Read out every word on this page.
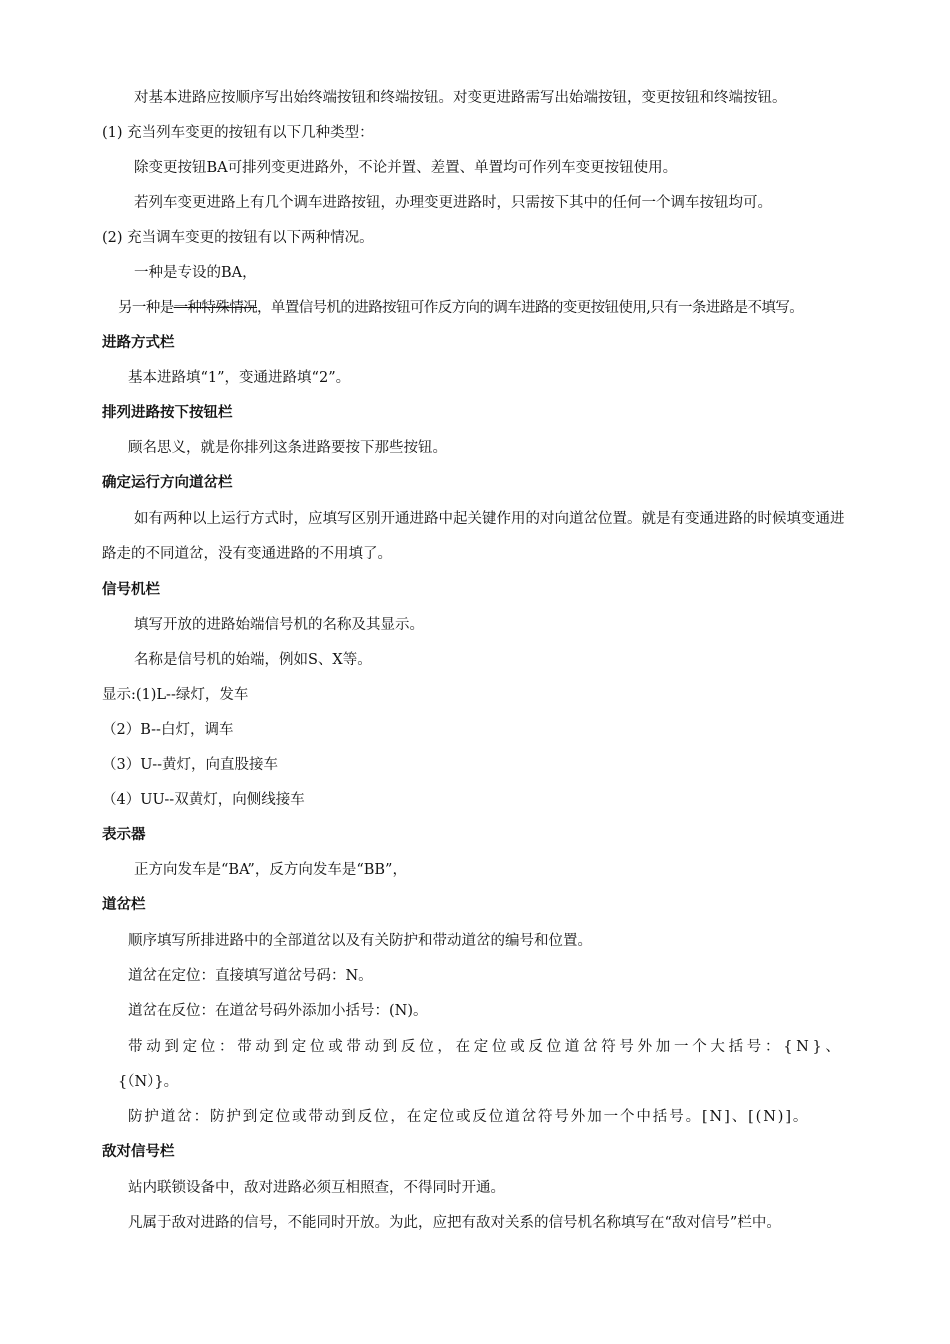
对基本进路应按顺序写出始终端按钮和终端按钮。对变更进路需写出始端按钮，变更按钮和终端按钮。
(1) 充当列车变更的按钮有以下几种类型：
除变更按钮BA可排列变更进路外，不论并置、差置、单置均可作列车变更按钮使用。
若列车变更进路上有几个调车进路按钮，办理变更进路时，只需按下其中的任何一个调车按钮均可。
(2) 充当调车变更的按钮有以下两种情况。
一种是专设的BA，
另一种是一种特殊情况，单置信号机的进路按钮可作反方向的调车进路的变更按钮使用,只有一条进路是不填写。
进路方式栏
基本进路填“1”，变通进路填“2”。
排列进路按下按钮栏
顾名思义，就是你排列这条进路要按下那些按钮。
确定运行方向道岔栏
如有两种以上运行方式时，应填写区别开通进路中起关键作用的对向道岔位置。就是有变通进路的时候填变通进
路走的不同道岔，没有变通进路的不用填了。
信号机栏
填写开放的进路始端信号机的名称及其显示。
名称是信号机的始端，例如S、X等。
显示:(1)L--绿灯，发车
（2）B--白灯，调车
（3）U--黄灯，向直股接车
（4）UU--双黄灯，向侧线接车
表示器
正方向发车是“BA”，反方向发车是“BB”，
道岔栏
顺序填写所排进路中的全部道岔以及有关防护和带动道岔的编号和位置。
道岔在定位：直接填写道岔号码：N。
道岔在反位：在道岔号码外添加小括号：(N)。
带动到定位：带动到定位或带动到反位，在定位或反位道岔符号外加一个大括号：{N}、
{（N）}。
防护道岔：防护到定位或带动到反位，在定位或反位道岔符号外加一个中括号。[N]、[(N)]。
敌对信号栏
站内联锁设备中，敌对进路必须互相照查，不得同时开通。
凡属于敌对进路的信号，不能同时开放。为此，应把有敌对关系的信号机名称填写在“敌对信号”栏中。
